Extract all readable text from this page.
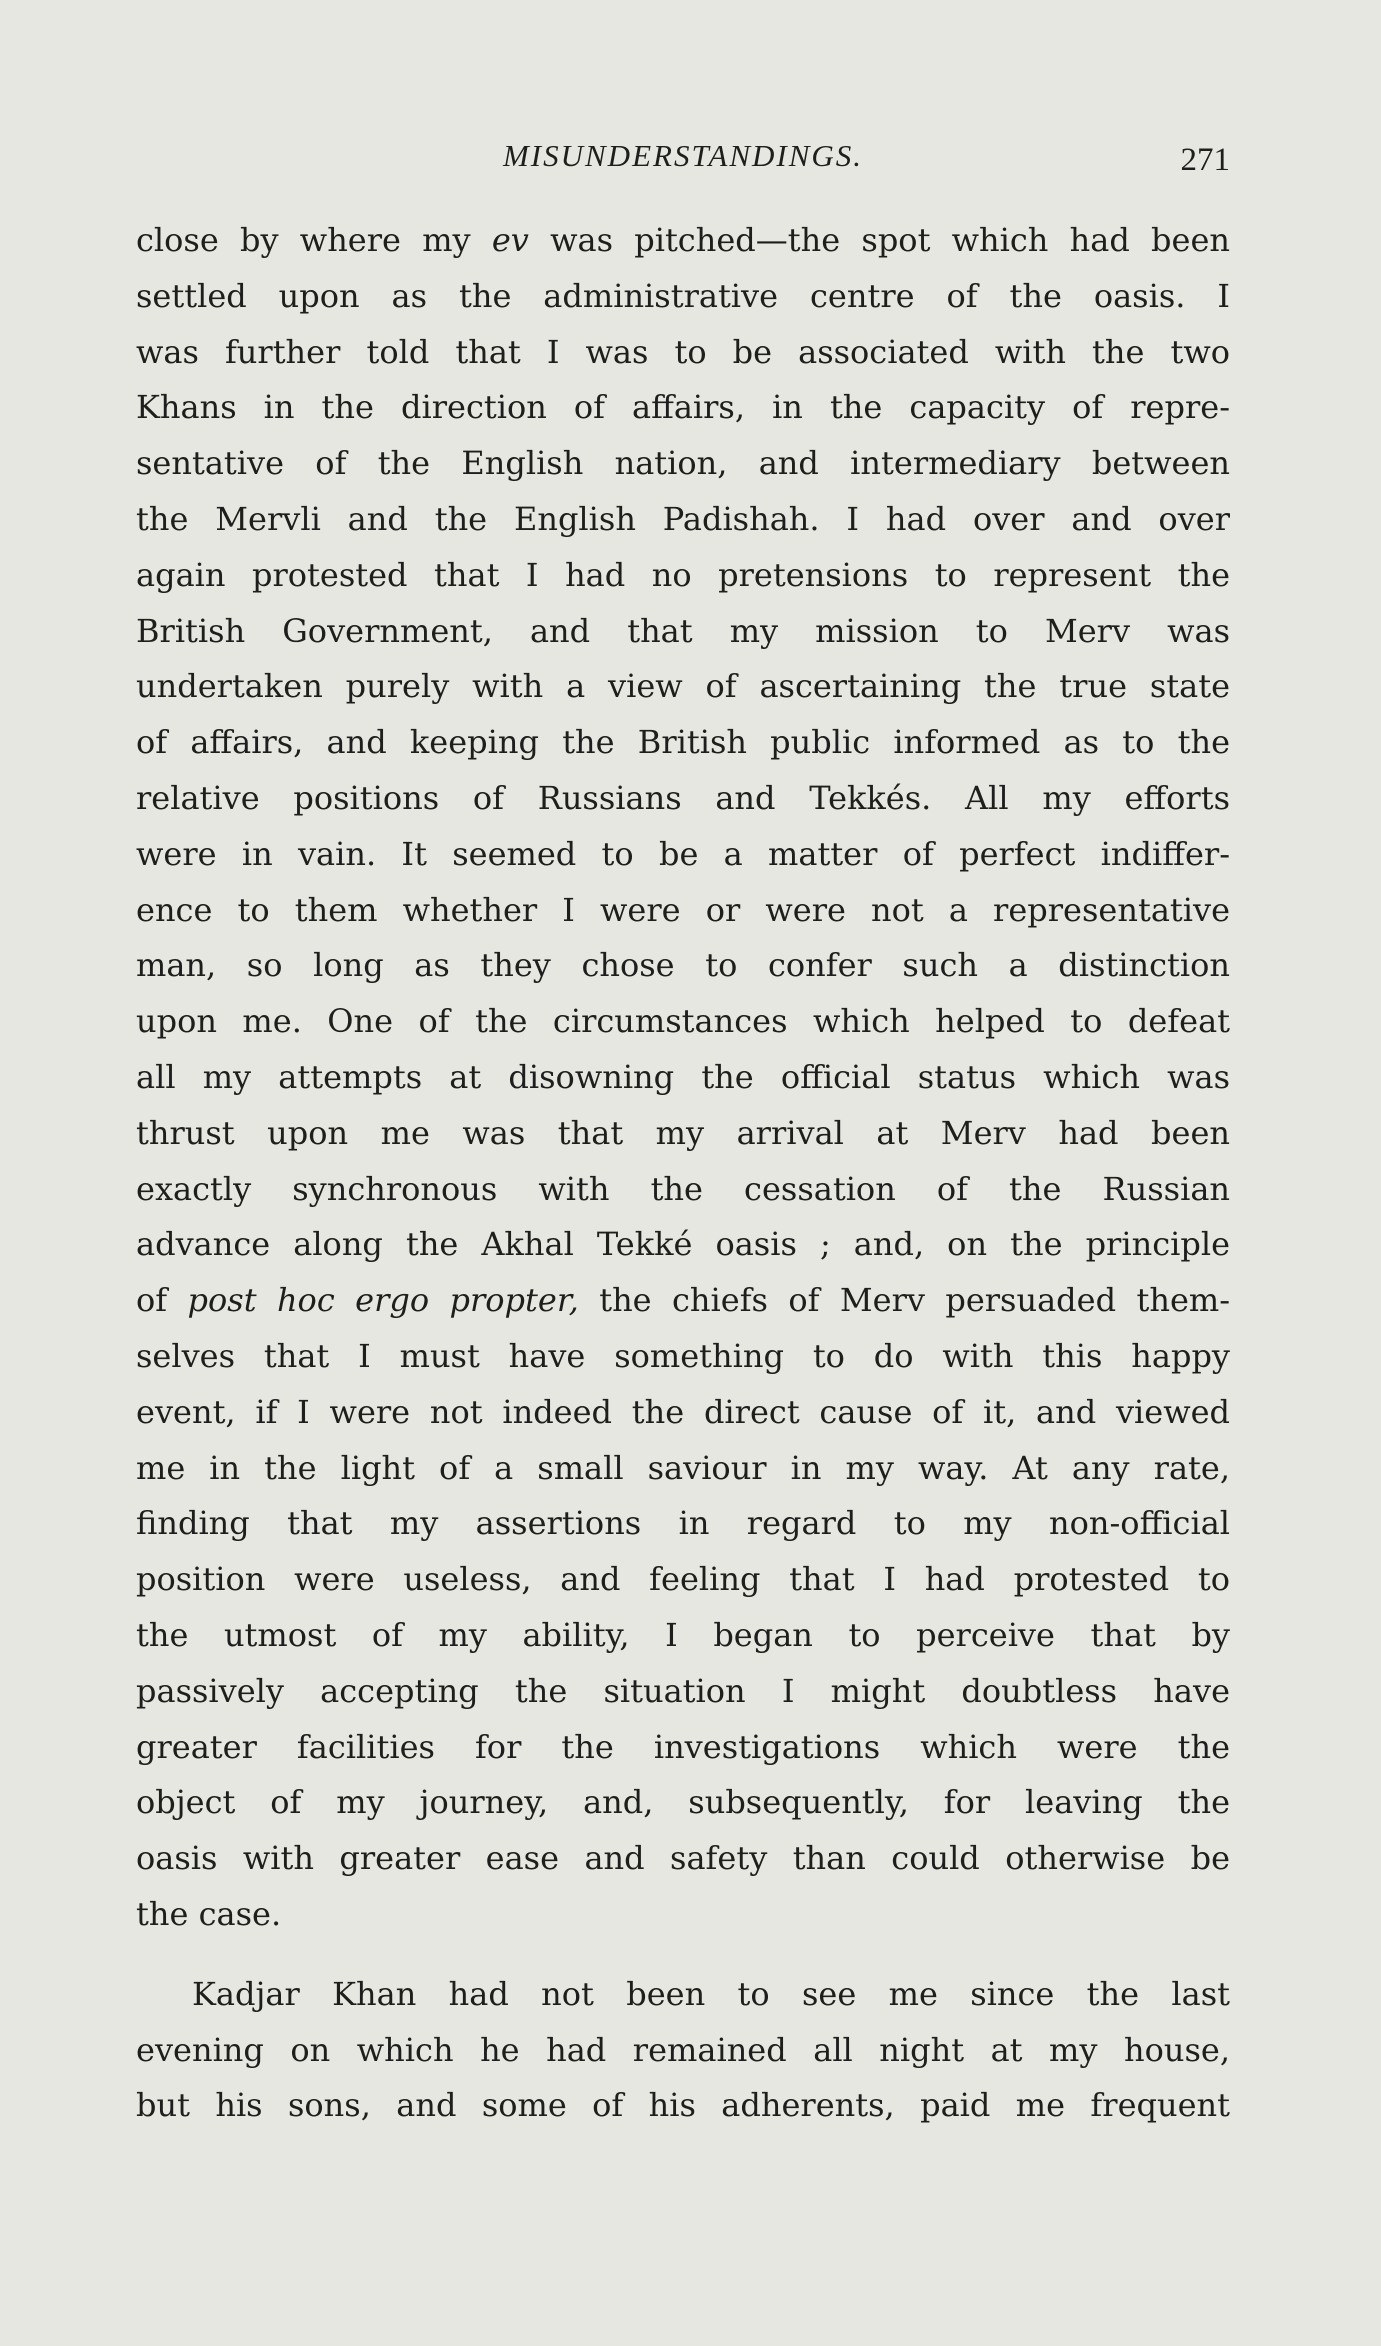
MISUNDERSTANDINGS.	271
close by where my ev was pitched—the spot which had been
settled upon as the administrative centre of the oasis. I
was further told that I was to be associated with the two
Khans in the direction of affairs, in the capacity of repre-
sentative of the English nation, and intermediary between
the Mervli and the English Padishah. I had over and over
again protested that I had no pretensions to represent the
British Government, and that my mission to Merv was
undertaken purely with a view of ascertaining the true state
of affairs, and keeping the British public informed as to the
relative positions of Russians and Tekkés. All my efforts
were in vain. It seemed to be a matter of perfect indiffer-
ence to them whether I were or were not a representative
man, so long as they chose to confer such a distinction
upon me. One of the circumstances which helped to defeat
all my attempts at disowning the official status which was
thrust upon me was that my arrival at Merv had been
exactly synchronous with the cessation of the Russian
advance along the Akhal Tekké oasis ; and, on the principle
of post hoc ergo propter, the chiefs of Merv persuaded them-
selves that I must have something to do with this happy
event, if I were not indeed the direct cause of it, and viewed
me in the light of a small saviour in my way. At any rate,
finding that my assertions in regard to my non-official
position were useless, and feeling that I had protested to
the utmost of my ability, I began to perceive that by
passively accepting the situation I might doubtless have
greater facilities for the investigations which were the
object of my journey, and, subsequently, for leaving the
oasis with greater ease and safety than could otherwise be
the case.
Kadjar Khan had not been to see me since the last
evening on which he had remained all night at my house,
but his sons, and some of his adherents, paid me frequent
